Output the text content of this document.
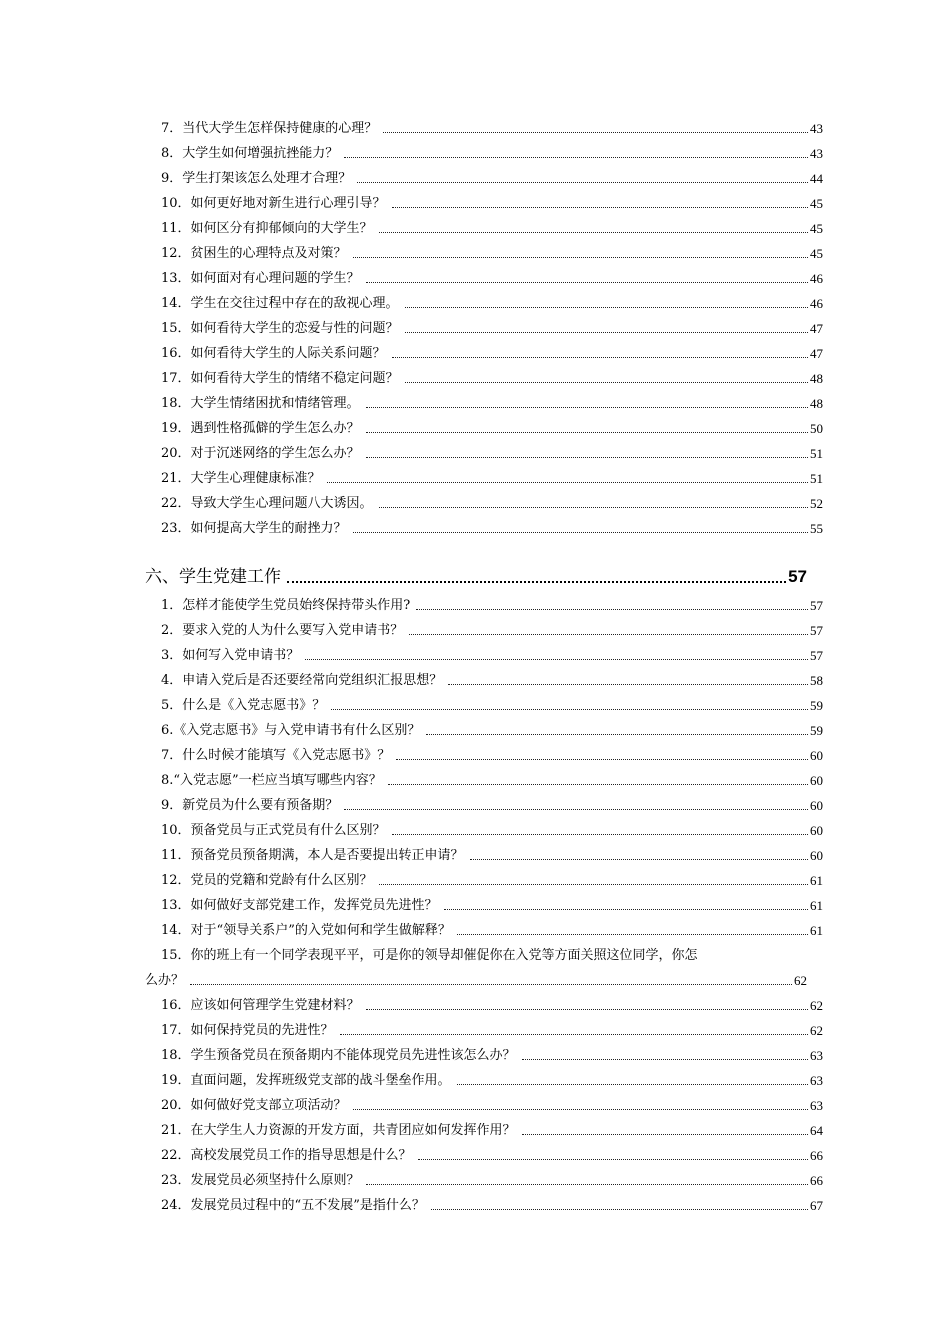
7．当代大学生怎样保持健康的心理？	43
8．大学生如何增强抗挫能力？	43
9．学生打架该怎么处理才合理？	44
10．如何更好地对新生进行心理引导？	45
11．如何区分有抑郁倾向的大学生？	45
12．贫困生的心理特点及对策？	45
13．如何面对有心理问题的学生？	46
14．学生在交往过程中存在的敌视心理。	46
15．如何看待大学生的恋爱与性的问题？	47
16．如何看待大学生的人际关系问题？	47
17．如何看待大学生的情绪不稳定问题？	48
18．大学生情绪困扰和情绪管理。	48
19．遇到性格孤僻的学生怎么办？	50
20．对于沉迷网络的学生怎么办？	51
21．大学生心理健康标准？	51
22．导致大学生心理问题八大诱因。	52
23．如何提高大学生的耐挫力？	55
六、学生党建工作	57
1．怎样才能使学生党员始终保持带头作用?	57
2．要求入党的人为什么要写入党申请书？	57
3．如何写入党申请书？	57
4．申请入党后是否还要经常向党组织汇报思想？	58
5．什么是《入党志愿书》？	59
6.《入党志愿书》与入党申请书有什么区别？	59
7．什么时候才能填写《入党志愿书》？	60
8.“入党志愿”一栏应当填写哪些内容？	60
9．新党员为什么要有预备期？	60
10．预备党员与正式党员有什么区别？	60
11．预备党员预备期满，本人是否要提出转正申请？	60
12．党员的党籍和党龄有什么区别？	61
13．如何做好支部党建工作，发挥党员先进性？	61
14．对于“领导关系户”的入党如何和学生做解释？	61
15．你的班上有一个同学表现平平，可是你的领导却催促你在入党等方面关照这位同学，你怎
么办？	62
16．应该如何管理学生党建材料？	62
17．如何保持党员的先进性？	62
18．学生预备党员在预备期内不能体现党员先进性该怎么办？	63
19．直面问题，发挥班级党支部的战斗堡垒作用。	63
20．如何做好党支部立项活动？	63
21．在大学生人力资源的开发方面，共青团应如何发挥作用？	64
22．高校发展党员工作的指导思想是什么？	66
23．发展党员必须坚持什么原则？	66
24．发展党员过程中的“五不发展”是指什么？	67
